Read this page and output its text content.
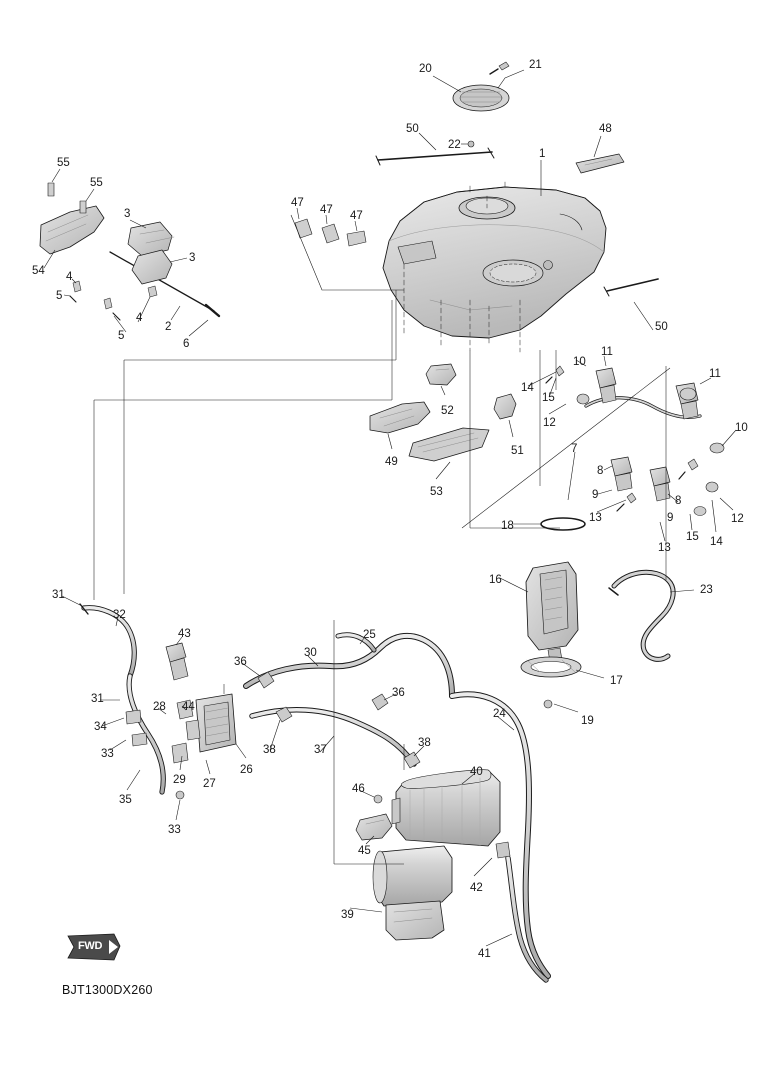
20	21
50
22
48
1
55
55
47
47 47
3
3
54 4
5
4
5
2
6
50
10
11
11
14
15
12
52
10
51
49
7
53
8
8
9
9
13
13
12
14
15
18
16
23
17
19
31
32
43	25
30
36
36
31
28 44
34
24
33	38	37
38
26
29 27
35
40
46
33
45
42
39
41
FWD
BJT1300DX260
